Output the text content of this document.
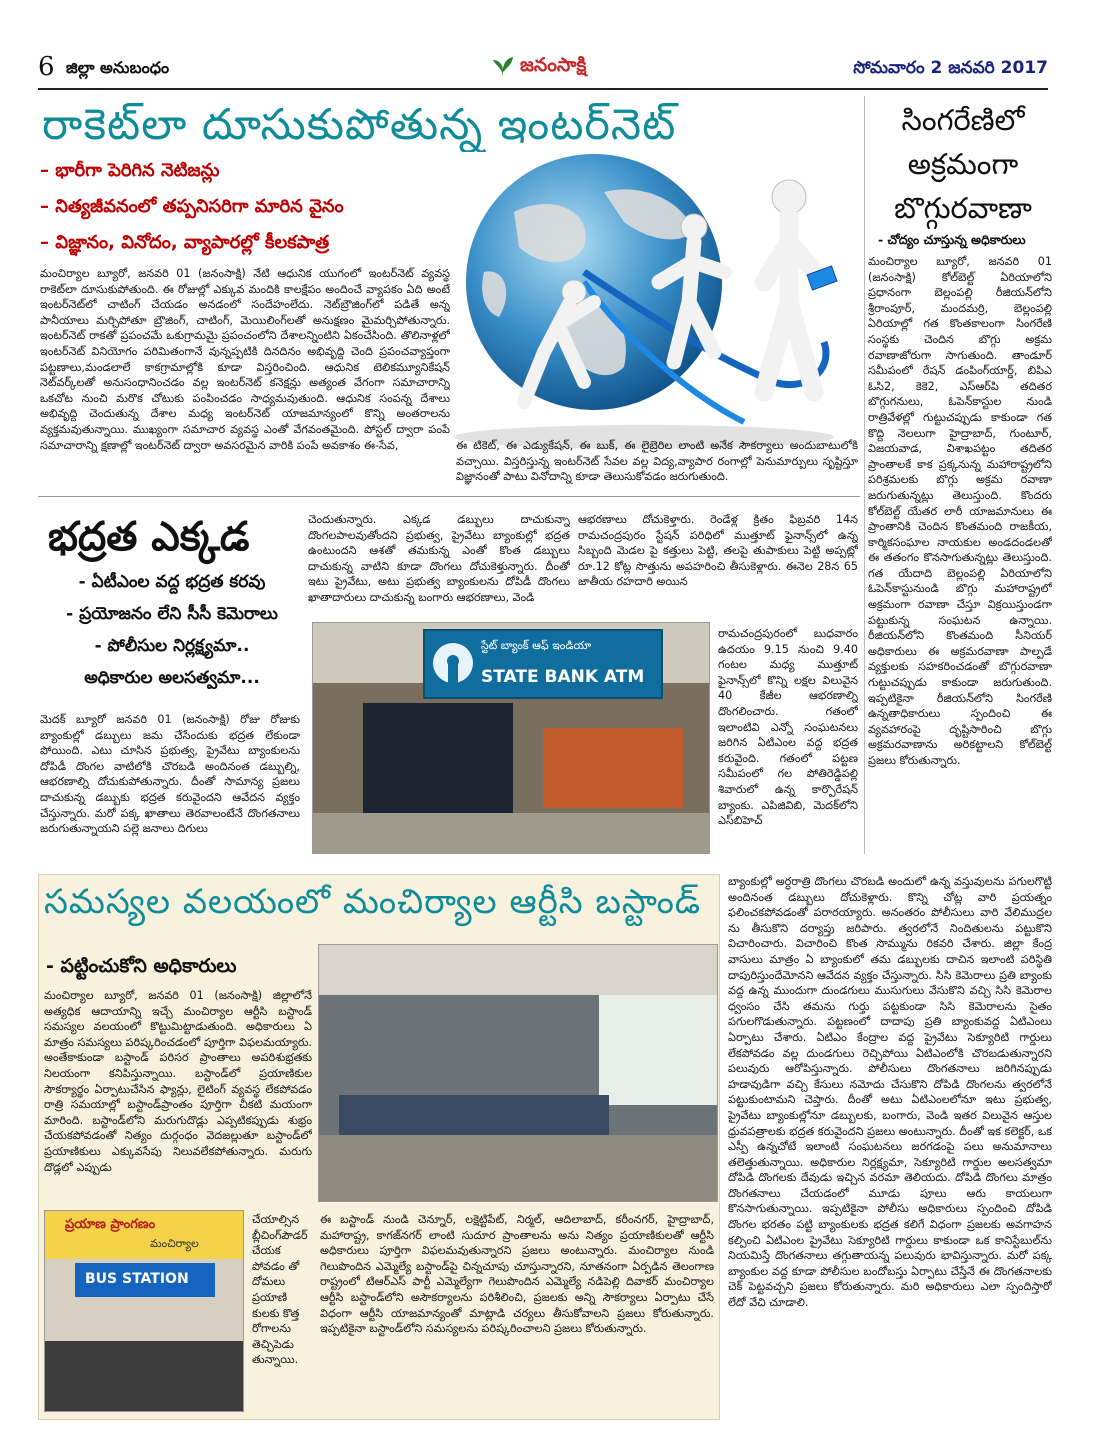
6 జిల్లా అనుబంధం	జనంసాక్షి	సోమవారం 2 జనవరి 2017
రాకెట్‌లా దూసుకుపోతున్న ఇంటర్‌నెట్
– భారీగా పెరిగిన నెటిజన్లు
– నిత్యజీవనంలో తప్పనిసరిగా మారిన వైనం
– విజ్ఞానం, వినోదం, వ్యాపారల్లో కీలకపాత్ర
మంచిర్యాల బ్యూరో, జనవరి 01 (జనంసాక్షి) నేటి ఆధునిక యుగంలో ఇంటర్‌నెట్ వ్యవస్థ రాకెట్‌లా దూసుకుపోతుంది. ఈ రోజుల్లో ఎక్కువ మందికి కాలక్షేపం అందించే వ్యాపకం ఏది అంటే ఇంటర్‌నెట్‌లో చాటింగ్ చేయడం అనడంలో సందేహంలేదు. నెట్‌బ్రౌజింగ్‌లో పడితే అన్న పానీయాలు మర్చిపోతూ బ్రౌజింగ్, చాటింగ్, మెయిలింగ్‌లతో అనుక్షణం మైమర్చిపోతున్నారు. ఇంటర్‌నెట్ రాకతో ప్రపంచమే ఒకుగ్రామమై ప్రపంచంలోని దేశాలన్నింటిని ఏకంచేసింది. తొలినాళ్లలో ఇంటర్‌నెట్ వినియోగం పరిమితంగానే వున్నప్పటికి దినదినం అభివృద్ది చెంది ప్రపంచవ్యాప్తంగా పట్టణాలు,మండలాలే కాకగ్రామాల్లోకి కూడా విస్తరించింది. ఆధునిక టెలికమ్యూనికేషన్ నెట్‌వర్క్‌లతో అనుసంధానించడం వల్ల ఇంటర్‌నెట్ కనెక్షన్లు అత్యంత వేగంగా సమాచారాన్ని ఒకచోట నుంచి మరొక చోటుకు పంపించడం సాధ్యమవుతుంది. ఆధునిక సంపన్న దేశాలు అభివృద్ది చెందుతున్న దేశాల మధ్య ఇంటర్‌నెట్ యాజమాన్యంలో కొన్ని అంతరాలను వ్యక్తమవుతున్నాయి. ముఖ్యంగా సమాచార వ్యవస్థ ఎంతో వేగవంతమైంది. పోస్టల్ ద్వారా పంపే సమాచారాన్ని క్షణాల్లో ఇంటర్‌నెట్ ద్వారా అవసరమైన వారికి పంపే అవకాశం ఈ-సేవ,	ఈ టికెట్, ఈ ఎడ్యుకేషన్, ఈ బుక్, ఈ లైబ్రెరిల లాంటి అనేక సౌకర్యాలు అందుబాటులోకి వచ్చాయి. విస్తరిస్తున్న ఇంటర్‌నెట్ సేవల వల్ల విద్య,వ్యాపార రంగాల్లో పెనుమార్పులు సృష్టిస్తూ విజ్ఞానంతో పాటు వినోదాన్ని కూడా తెలుసుకోవడం జరుగుతుంది.
సింగరేణిలో
అక్రమంగా
బొగ్గురవాణా
- చోద్యం చూస్తున్న అధికారులు
మంచిర్యాల బ్యూరో, జనవరి 01 (జనంసాక్షి) కోల్‌బెల్ట్ ఏరియాలోని ప్రధానంగా బెల్లంపల్లి రీజియన్‌లోని శ్రీరాంపూర్, మందమర్రి, బెల్లంపల్లి ఏరియాల్లో గత కొంతకాలంగా సింగరేణి సంస్థకు చెందిన బొగ్గు అక్రమ రవాణాజోరుగా సాగుతుంది. తాండూర్ సమీపంలో రేషన్ డంపింగ్‌యార్డ్, బిపిఎ ఓసి2, కెకె2, ఎస్‌ఆర్‌పి తదితర బొగ్గుగనులు, ఓపెన్‌కాస్టుల నుండి రాత్రివేళల్లో గుట్టుచప్పుడు కాకుండా గత కొద్ది నెలలుగా హైద్రాబాద్, గుంటూర్, విజయవాడ, విశాఖపట్టం తదితర ప్రాంతాలకే కాక ప్రక్కనున్న మహారాష్ట్రలోని పరిశ్రమలకు బొగ్గు అక్రమ రవాణా జరుగుతున్నట్లు తెలుస్తుంది. కొందరు కోల్‌బెల్ట్ యేతర లారీ యాజమానులు ఈ ప్రాంతానికి చెందిన కొంతమంది రాజకీయ, కార్మికసంఘాల నాయకుల అండదండలతో ఈ తతంగం కొనసాగుతున్నట్లు తెలుస్తుంది. గత యేదాది బెల్లంపల్లి ఏరియాలోని ఓపెన్‌కాస్టునుండి బొగ్గు మహారాష్ట్రలో అక్రమంగా రవాణా చేస్తూ విక్రయిస్తుండగా పట్టుకున్న సంఘటన ఉన్నాయి. రీజియన్‌లోని కొంతమంది సీనియర్ అధికారులు ఈ అక్రమరవాణా పాల్పడే వ్యక్తులకు సహకరించడంతో బొగ్గురవాణా గుట్టుచప్పుడు కాకుండా జరుగుతుంది. ఇప్పటికైనా రీజియన్‌లోని సింగరేణి ఉన్నతాధికారులు స్పందించి ఈ వ్యవహారంపై దృష్టిసారించి బొగ్గు అక్రమరవాణాను అరికట్టాలని కోల్‌బెల్ట్ ప్రజలు కోరుతున్నారు.
భద్రత ఎక్కడ
- ఏటీఎంల వద్ద భద్రత కరవు
- ప్రయోజనం లేని సీసీ కెమెరాలు
- పోలీసుల నిర్లక్ష్యమా..
అధికారుల అలసత్వమా...
మెదక్ బ్యూరో జనవరి 01 (జనంసాక్షి) రోజు రోజుకు బ్యాంకుల్లో డబ్బులు జమ చేసేందుకు భద్రత లేకుండా పోయింది. ఎటు చూసిన ప్రభుత్వ, ప్రైవేటు బ్యాంకులను దోపిడీ దొంగల వాటిలోకి చొరబడి అందినంత డబ్బుల్ని, ఆభరణాల్ని దోచుకుపోతున్నారు. దీంతో సామాన్య ప్రజలు దాచుకున్న డబ్బుకు భద్రత కరువైందని ఆవేదన వ్యక్తం చేస్తున్నారు. మరో పక్క ఖాతాలు తెరవాలంటేనే దొంగతనాలు జరుగుతున్నాయని పల్లె జనాలు దిగులు
చెందుతున్నారు. ఎక్కడ డబ్బులు దాచుకున్నా దొంగలపాలవుతోందని ప్రభుత్వ, ప్రైవేటు బ్యాంకుల్లో భద్రత ఉంటుందని ఆశతో తమకున్న ఎంతో కొంత డబ్బులు దాచుకున్న వాటిని కూడా దొంగలు దోచుకెళ్తున్నారు. దీంతో ఇటు ప్రైవేటు, అటు ప్రభుత్వ బ్యాంకులను దోపిడీ దొంగలు ఖాతాదారులు దాచుకున్న బంగారు ఆభరణాలు, వెండి
ఆభరణాలు దోచుకెళ్తారు. రెండేళ్ల క్రితం ఫిబ్రవరి 14న రామచంద్రపురం స్టేషన్ పరిధిలో ముత్తూట్ ఫైనాన్స్‌లో ఉన్న సిబ్బంది మెడల పై కత్తులు పెట్టి, తలపై తుపాకులు పెట్టి అప్పట్లో రూ.12 కోట్ల సొత్తును అపహరించి తీసుకెళ్లారు. ఈనెల 28న 65 జాతీయ రహదారి అయిన
స్టేట్ బ్యాంక్ ఆఫ్ ఇండియా
STATE BANK ATM
రామచంద్రపురంలో బుధవారం ఉదయం 9.15 నుంచి 9.40 గంటల మధ్య ముత్తూట్ ఫైనాన్స్‌లో కొన్ని లక్షల విలువైన 40 కేజీల ఆభరణాల్ని దొంగలించారు. గతంలో ఇలాంటివి ఎన్నో సంఘటనలు జరిగిన ఏటిఎంల వద్ద భద్రత కరువైంది. గతంలో పట్టణ సమీపంలో గల పోతిరెడ్డిపల్లి శివారులో ఉన్న కార్పొరేషన్ బ్యాంకు. ఎపిజివిబి, మెదక్‌లోని ఎస్‌బిహెచ్
సమస్యల వలయంలో మంచిర్యాల ఆర్టీసి బస్టాండ్
- పట్టించుకోని అధికారులు
మంచిర్యాల బ్యూరో, జనవరి 01 (జనంసాక్షి) జిల్లాలోనే అత్యధిక ఆదాయాన్ని ఇచ్చే మంచిర్యాల ఆర్టీసి బస్టాండ్ సమస్యల వలయంలో కొట్టుమిట్టాడుతుంది. అధికారులు ఏ మాత్రం సమస్యలు పరిష్కరించడంలో పూర్తిగా విఫలమయ్యారు. అంతేకాకుండా బస్టాండ్ పరిసర ప్రాంతాలు అపరిశుభ్రతకు నిలయంగా కనిపిస్తున్నాయి. బస్టాండ్‌లో ప్రయాణికుల సౌకర్యార్థం ఏర్పాటుచేసిన ఫ్యాన్లు, లైటింగ్ వ్యవస్థ లేకపోవడం రాత్రి సమయాల్లో బస్టాండ్‌ప్రాంతం పూర్తిగా చీకటి మయంగా మారింది. బస్టాండ్‌లోని మరుగుదొడ్లు ఎప్పటికప్పుడు శుభ్రం చేయకపోవడంతో నిత్యం దుర్గంధం వెదజల్లుతూ బస్టాండ్‌లో ప్రయాణికులు ఎక్కువసేపు నిలువలేకపోతున్నారు. మరుగు దొడ్లలో ఎప్పుడు
ప్రయాణ ప్రాంగణం
మంచిర్యాల
BUS STATION
చేయాల్సిన బ్లీచింగ్‌పౌడర్ చేయక పోవడం తో దోమలు ప్రయాణి కులకు కొత్త రోగాలను తెచ్చిపెడు తున్నాయి.
ఈ బస్టాండ్ నుండి చెన్నూర్, లక్షెట్టిపేట్, నిర్మల్, ఆదిలాబాద్, కరీంనగర్, హైద్రాబాద్, మహారాష్ట్ర, కాగజ్‌నగర్ లాంటి సుదూర ప్రాంతాలను అను నిత్యం ప్రయాణికులతో ఆర్టీసి అధికారులు పూర్తిగా విఫలమవుతున్నారని ప్రజలు అంటున్నారు. మంచిర్యాల నుండి గెలుపొందిన ఎమ్మెల్యే బస్టాండ్‌పై చిన్నచూపు చూస్తున్నారని, నూతనంగా ఏర్పడిన తెలంగాణ రాష్ట్రంలో టిఆర్‌ఎస్ పార్టీ ఎమ్మెల్యేగా గెలుపొందిన ఎమ్మెల్యే నడిపెల్లి దివాకర్ మంచిర్యాల ఆర్టీసి బస్టాండ్‌లోని అసౌకర్యాలను పరిశీలించి, ప్రజలకు అన్ని సౌకర్యాలు ఏర్పాటు చేసే విధంగా ఆర్టీసి యాజమాన్యంతో మాట్లాడి చర్యలు తీసుకోవాలని ప్రజలు కోరుతున్నారు. ఇప్పటికైనా బస్టాండ్‌లోని సమస్యలను పరిష్కరించాలని ప్రజలు కోరుతున్నారు.
బ్యాంకుల్లో అర్ధరాత్రి దొంగలు చొరబడి అందులో ఉన్న వస్తువులను పగులగొట్టి అందినంత డబ్బులు దోచుకెళ్లారు. కొన్ని చోట్ల వారి ప్రయత్నం ఫలించకపోవడంతో పరారయ్యారు. అనంతరం పోలీసులు వారి వేలిముద్రల ను తీసుకొని దర్యాప్తు జరిపారు. త్వరలోనే నిందితులను పట్టుకొని విచారించారు. విచారించి కొంత సొమ్మును రికవరి చేశారు. జిల్లా కేంద్ర వాసులు మాత్రం ఏ బ్యాంకులో తమ డబ్బులకు దాచిన ఇలాంటి పరిస్థితి దాపురిస్తుందేమోనని ఆవేదన వ్యక్తం చేస్తున్నారు. సిసి కెమెరాలు ప్రతి బ్యాంకు వద్ద ఉన్న ముందుగా దుండగులు ముసుగులు వేసుకొని వచ్చి సిసి కెమెరాల ధ్వంసం చేసి తమను గుర్తు పట్టకుండా సిసి కెమెరాలను సైతం పగులగొడుతున్నారు. పట్టణంలో దాదాపు ప్రతి బ్యాంకువద్ద ఏటిఎంలు ఏర్పాటు చేశారు. ఏటిఎం కేంద్రాల వద్ద ప్రైవేటు సెక్యూరిటి గార్డులు లేకపోవడం వల్ల దుండగులు రెచ్చిపోయి ఏటిఎంలోకి చొరబడుతున్నారని పలువురు ఆరోపిస్తున్నారు. పోలీసులు దొంగతనాలు జరిగినప్పుడు హడావుడిగా వచ్చి కేసులు నమోదు చేసుకొని దోపిడి దొంగలను త్వరలోనే పట్టుకుంటామని చెప్తారు. దీంతో అటు ఏటిఎంలలోనూ ఇటు ప్రభుత్వ, ప్రైవేటు బ్యాంకుల్లోనూ డబ్బులకు, బంగారు, వెండి ఇతర విలువైన ఆస్తుల ధ్రువపత్రాలకు భద్రత కరువైందని ప్రజలు అంటున్నారు. దీంతో ఇక కలెక్టర్, ఒక ఎస్పీ ఉన్నచోటే ఇలాంటి సంఘటనలు జరగడంపై పలు అనుమానాలు తలెత్తుతున్నాయి. అధికారుల నిర్లక్ష్యమా, సెక్యూరిటి గార్డుల అలసత్వమా దోపిడి దొంగలకు దేవుడు ఇచ్చిన వరమా తెలియదు. దోపిడి దొంగలు మాత్రం దొంగతనాలు చేయడంలో మూడు పూలు ఆరు కాయలుగా కొనసాగుతున్నాయి. ఇప్పటికైనా పోలీసు అధికారులు స్పందించి దోపిడి దొంగల భరతం పట్టి బ్యాంకులకు భద్రత కలిగే విధంగా ప్రజలకు అవగాహన కల్పించి ఏటిఎంల ప్రైవేటు సెక్యూరిటి గార్డులు కాకుండా ఒక కానిస్టేబుల్‌ను నియమిస్తే దొంగతనాలు తగ్గుతాయన్న పలువురు భావిస్తున్నారు. మరో పక్క బ్యాంకుల వద్ద కూడా పోలీసుల బందోబస్తు ఏర్పాటు చేస్తేనే ఈ దొంగతనాలకు చెక్ పెట్టవచ్చని ప్రజలు కోరుతున్నారు. మరి అధికారులు ఎలా స్పందిస్తారో లేదో వేచి చూడాలి.
